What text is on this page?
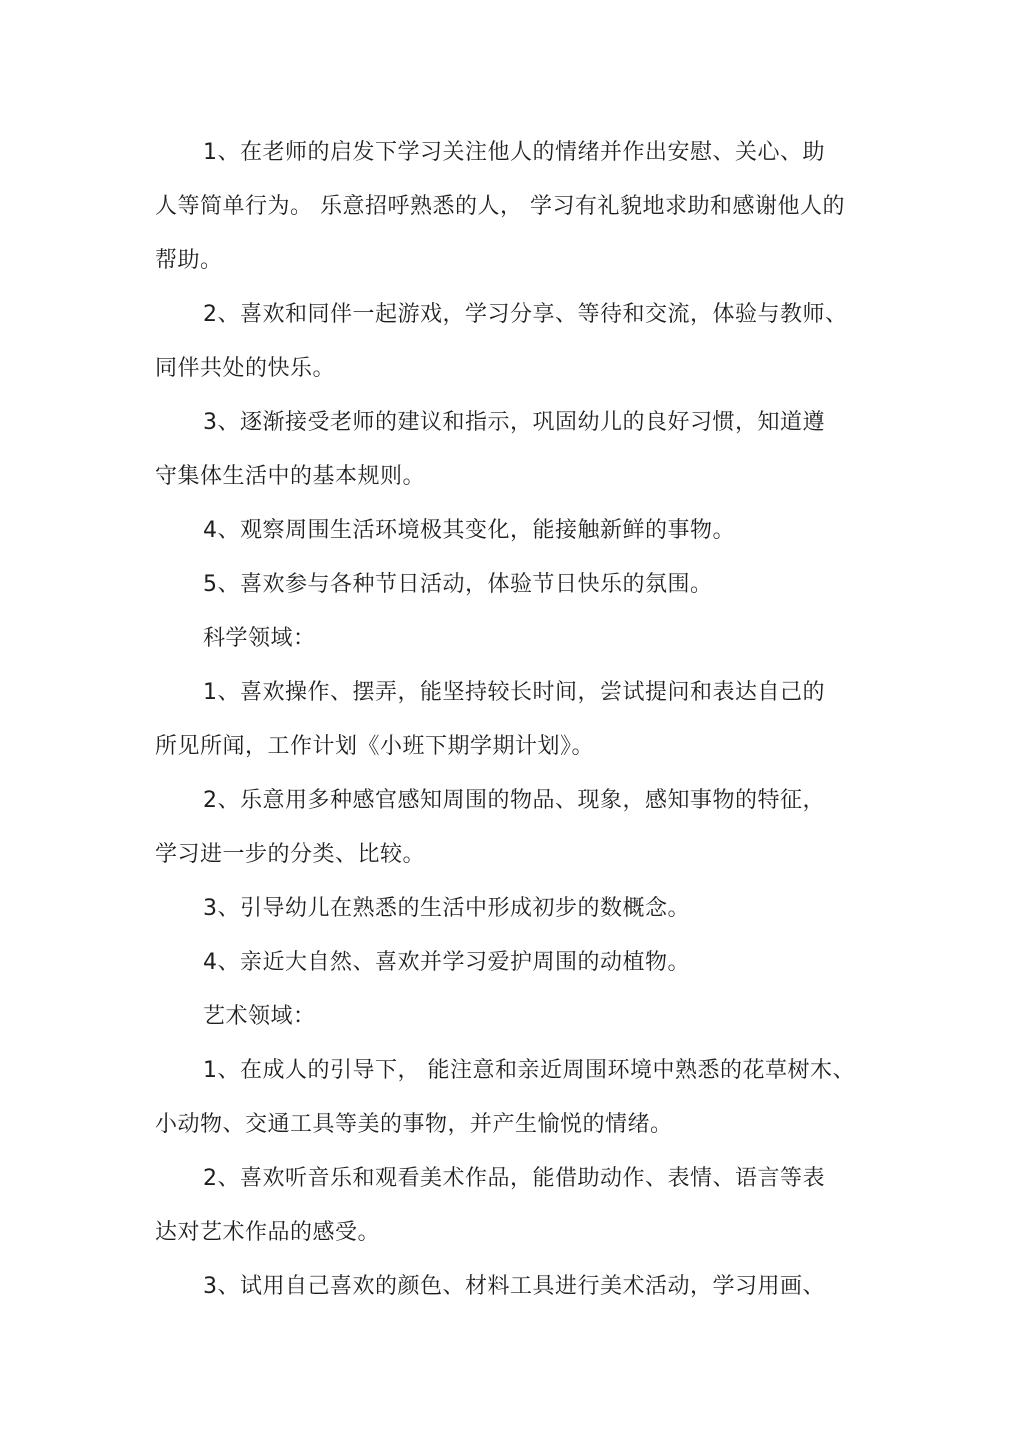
1、在老师的启发下学习关注他人的情绪并作出安慰、关心、助
人等简单行为。 乐意招呼熟悉的人， 学习有礼貌地求助和感谢他人的
帮助。
2、喜欢和同伴一起游戏，学习分享、等待和交流，体验与教师、
同伴共处的快乐。
3、逐渐接受老师的建议和指示，巩固幼儿的良好习惯，知道遵
守集体生活中的基本规则。
4、观察周围生活环境极其变化，能接触新鲜的事物。
5、喜欢参与各种节日活动，体验节日快乐的氛围。
科学领域：
1、喜欢操作、摆弄，能坚持较长时间，尝试提问和表达自己的
所见所闻，工作计划《小班下期学期计划》。
2、乐意用多种感官感知周围的物品、现象，感知事物的特征，
学习进一步的分类、比较。
3、引导幼儿在熟悉的生活中形成初步的数概念。
4、亲近大自然、喜欢并学习爱护周围的动植物。
艺术领域：
1、在成人的引导下， 能注意和亲近周围环境中熟悉的花草树木、
小动物、交通工具等美的事物，并产生愉悦的情绪。
2、喜欢听音乐和观看美术作品，能借助动作、表情、语言等表
达对艺术作品的感受。
3、试用自己喜欢的颜色、材料工具进行美术活动，学习用画、
